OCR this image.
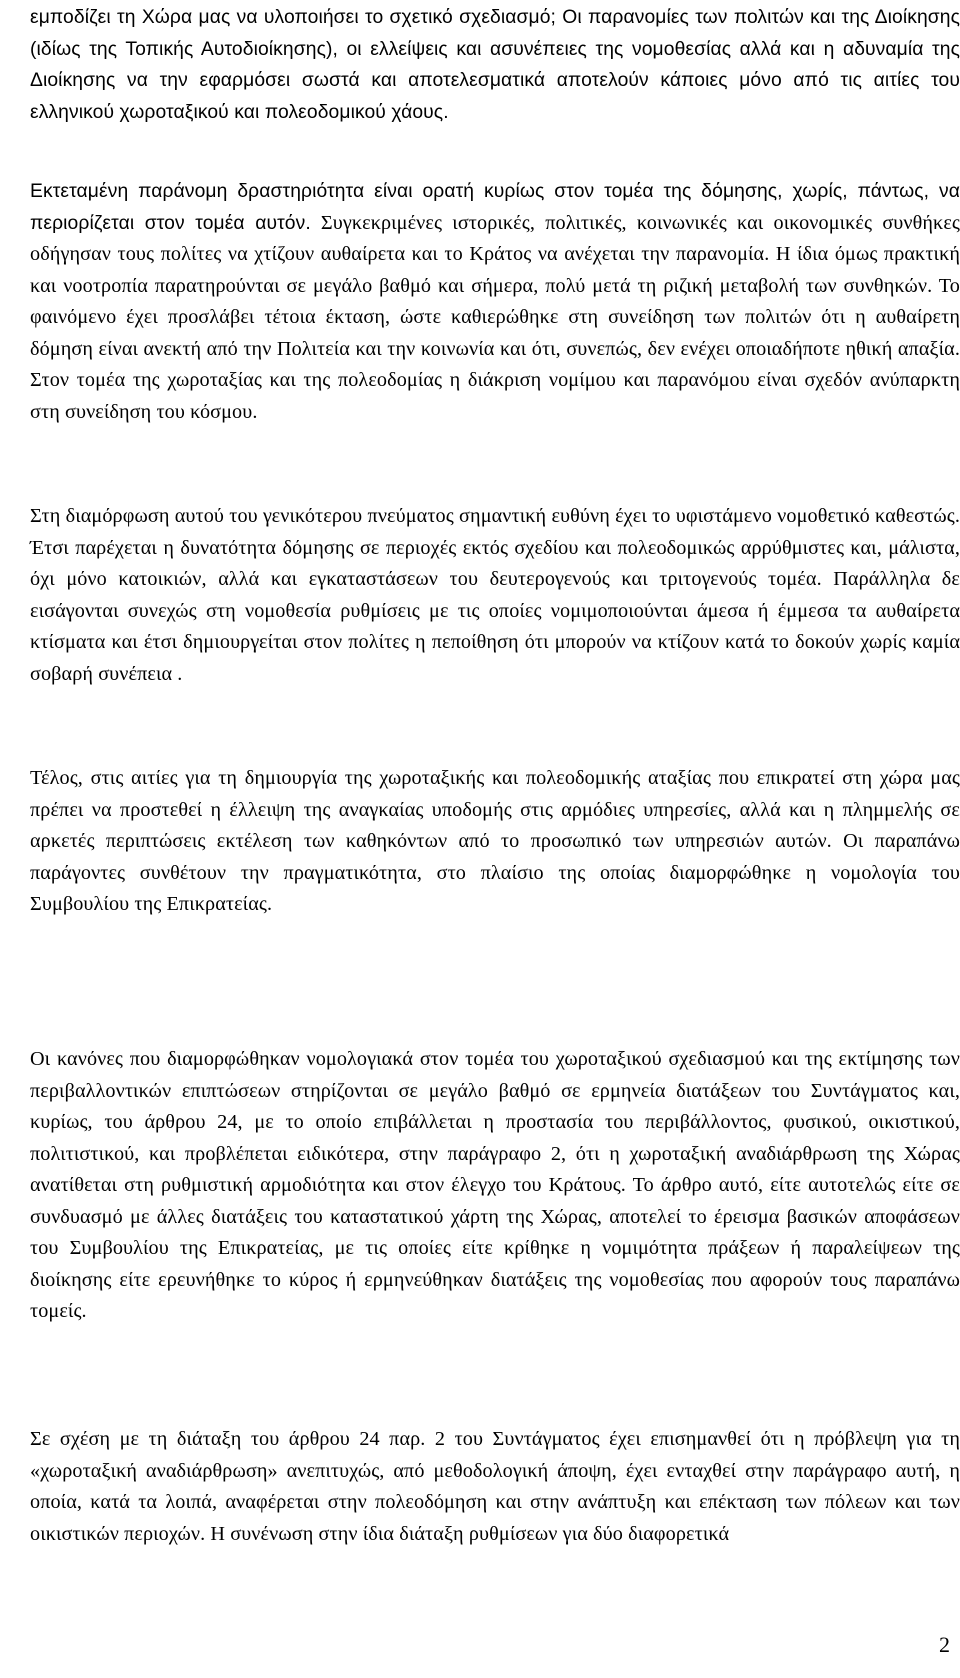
εμποδίζει τη Χώρα μας να υλοποιήσει το σχετικό σχεδιασμό; Οι παρανομίες των πολιτών και της Διοίκησης (ιδίως της Τοπικής Αυτοδιοίκησης), οι ελλείψεις και ασυνέπειες της νομοθεσίας αλλά και η αδυναμία της Διοίκησης να την εφαρμόσει σωστά και αποτελεσματικά αποτελούν κάποιες μόνο από τις αιτίες του ελληνικού χωροταξικού και πολεοδομικού χάους.

Εκτεταμένη παράνομη δραστηριότητα είναι ορατή κυρίως στον τομέα της δόμησης, χωρίς, πάντως, να περιορίζεται στον τομέα αυτόν. Συγκεκριμένες ιστορικές, πολιτικές, κοινωνικές και οικονομικές συνθήκες οδήγησαν τους πολίτες να χτίζουν αυθαίρετα και το Κράτος να ανέχεται την παρανομία. Η ίδια όμως πρακτική και νοοτροπία παρατηρούνται σε μεγάλο βαθμό και σήμερα, πολύ μετά τη ριζική μεταβολή των συνθηκών. Το φαινόμενο έχει προσλάβει τέτοια έκταση, ώστε καθιερώθηκε στη συνείδηση των πολιτών ότι η αυθαίρετη δόμηση είναι ανεκτή από την Πολιτεία και την κοινωνία και ότι, συνεπώς, δεν ενέχει οποιαδήποτε ηθική απαξία. Στον τομέα της χωροταξίας και της πολεοδομίας η διάκριση νομίμου και παρανόμου είναι σχεδόν ανύπαρκτη στη συνείδηση του κόσμου.

Στη διαμόρφωση αυτού του γενικότερου πνεύματος σημαντική ευθύνη έχει το υφιστάμενο νομοθετικό καθεστώς. Έτσι παρέχεται η δυνατότητα δόμησης σε περιοχές εκτός σχεδίου και πολεοδομικώς αρρύθμιστες και, μάλιστα, όχι μόνο κατοικιών, αλλά και εγκαταστάσεων του δευτερογενούς και τριτογενούς τομέα. Παράλληλα δε εισάγονται συνεχώς στη νομοθεσία ρυθμίσεις με τις οποίες νομιμοποιούνται άμεσα ή έμμεσα τα αυθαίρετα κτίσματα και έτσι δημιουργείται στον πολίτες η πεποίθηση ότι μπορούν να κτίζουν κατά το δοκούν χωρίς καμία σοβαρή συνέπεια .

Τέλος, στις αιτίες για τη δημιουργία της χωροταξικής και πολεοδομικής αταξίας που επικρατεί στη χώρα μας πρέπει να προστεθεί η έλλειψη της αναγκαίας υποδομής στις αρμόδιες υπηρεσίες, αλλά και η πλημμελής σε αρκετές περιπτώσεις εκτέλεση των καθηκόντων από το προσωπικό των υπηρεσιών αυτών. Οι παραπάνω παράγοντες συνθέτουν την πραγματικότητα, στο πλαίσιο της οποίας διαμορφώθηκε η νομολογία του Συμβουλίου της Επικρατείας.

Οι κανόνες που διαμορφώθηκαν νομολογιακά στον τομέα του χωροταξικού σχεδιασμού και της εκτίμησης των περιβαλλοντικών επιπτώσεων στηρίζονται σε μεγάλο βαθμό σε ερμηνεία διατάξεων του Συντάγματος και, κυρίως, του άρθρου 24, με το οποίο επιβάλλεται η προστασία του περιβάλλοντος, φυσικού, οικιστικού, πολιτιστικού, και προβλέπεται ειδικότερα, στην παράγραφο 2, ότι η χωροταξική αναδιάρθρωση της Χώρας ανατίθεται στη ρυθμιστική αρμοδιότητα και στον έλεγχο του Κράτους. Το άρθρο αυτό, είτε αυτοτελώς είτε σε συνδυασμό με άλλες διατάξεις του καταστατικού χάρτη της Χώρας, αποτελεί το έρεισμα βασικών αποφάσεων του Συμβουλίου της Επικρατείας, με τις οποίες είτε κρίθηκε η νομιμότητα πράξεων ή παραλείψεων της διοίκησης είτε ερευνήθηκε το κύρος ή ερμηνεύθηκαν διατάξεις της νομοθεσίας που αφορούν τους παραπάνω τομείς.

Σε σχέση με τη διάταξη του άρθρου 24 παρ. 2 του Συντάγματος έχει επισημανθεί ότι η πρόβλεψη για τη «χωροταξική αναδιάρθρωση» ανεπιτυχώς, από μεθοδολογική άποψη, έχει ενταχθεί στην παράγραφο αυτή, η οποία, κατά τα λοιπά, αναφέρεται στην πολεοδόμηση και στην ανάπτυξη και επέκταση των πόλεων και των οικιστικών περιοχών. Η συνένωση στην ίδια διάταξη ρυθμίσεων για δύο διαφορετικά

2
